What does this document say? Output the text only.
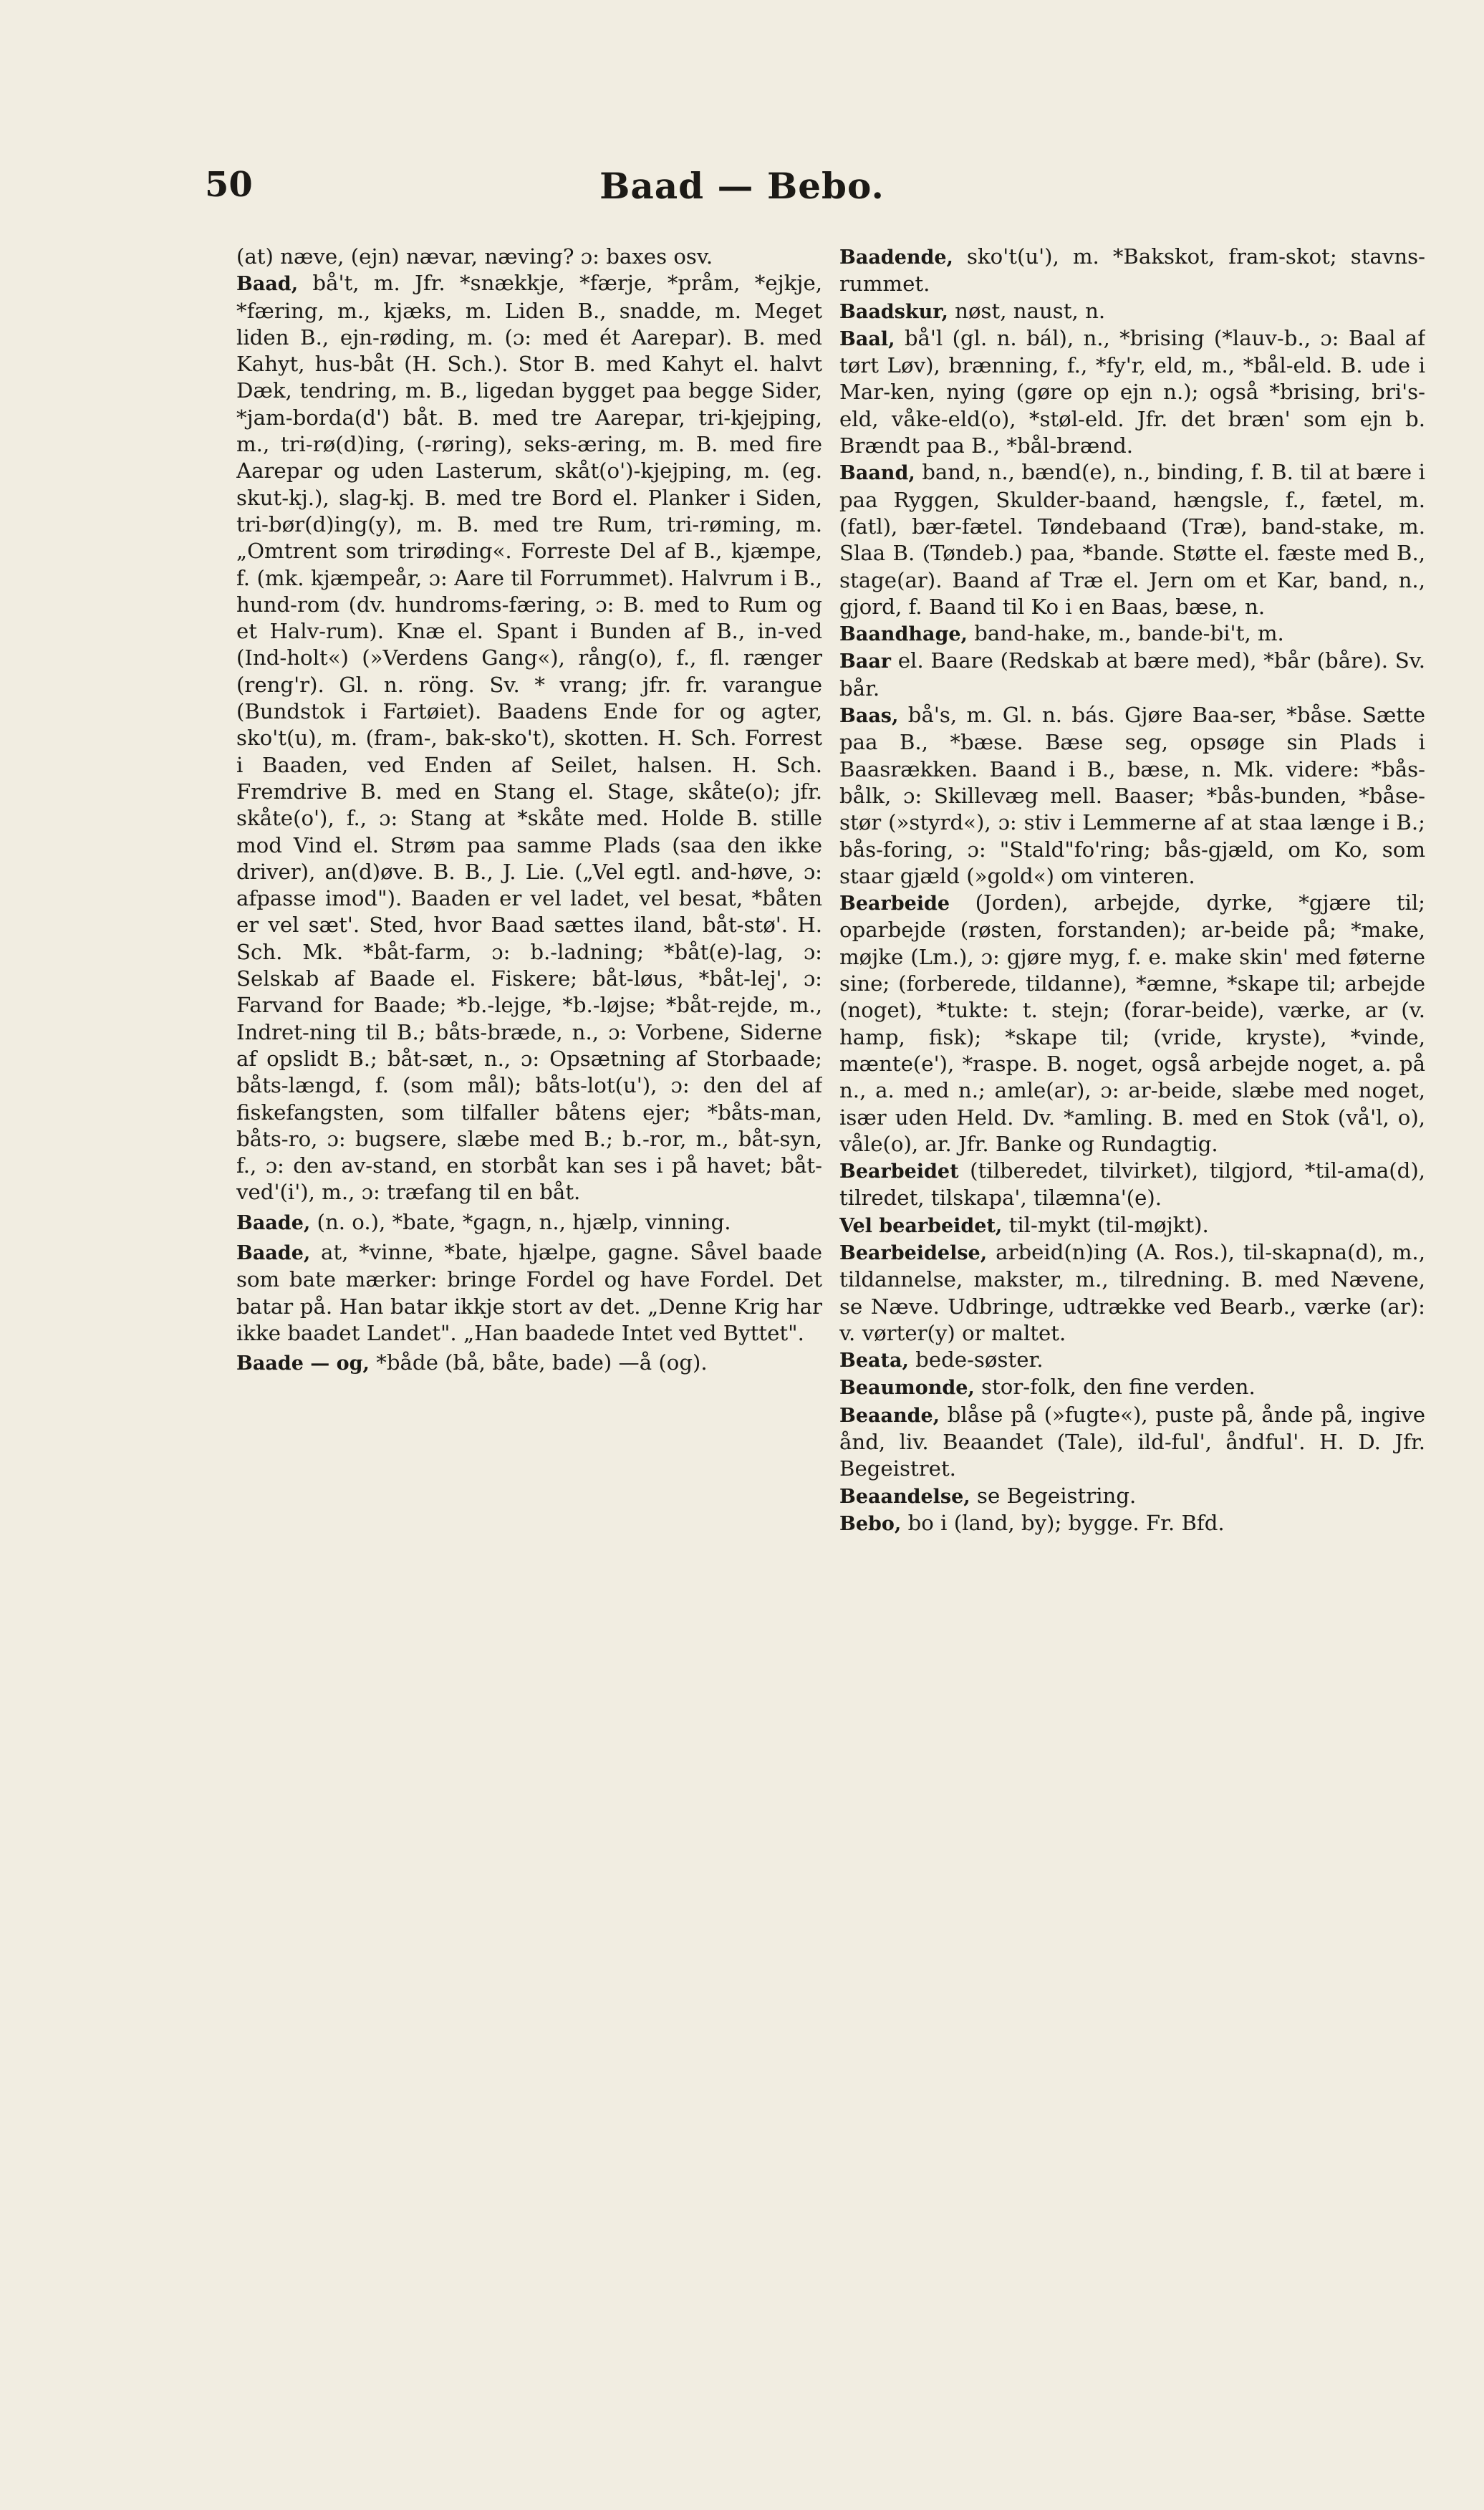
50	Baad — Bebo.

(at) næve, (ejn) nævar, næving? ɔ: baxes osv.

Baad, bå't, m. Jfr. *snækkje, *færje, *pråm, *ejkje, *færing, m., kjæks, m. Liden B., snadde, m. Meget liden B., ejn-røding, m. (ɔ: med ét Aarepar). B. med Kahyt, hus-båt (H. Sch.). Stor B. med Kahyt el. halvt Dæk, tendring, m. B., ligedan bygget paa begge Sider, *jam-borda(d') båt. B. med tre Aarepar, tri-kjejping, m., tri-rø(d)ing, (-røring), seks-æring, m. B. med fire Aarepar og uden Lasterum, skåt(o')-kjejping, m. (eg. skut-kj.), slag-kj. B. med tre Bord el. Planker i Siden, tri-bør(d)ing(y), m. B. med tre Rum, tri-røming, m. „Omtrent som trirøding«. Forreste Del af B., kjæmpe, f. (mk. kjæmpeår, ɔ: Aare til Forrummet). Halvrum i B., hund-rom (dv. hundroms-færing, ɔ: B. med to Rum og et Halv-rum). Knæ el. Spant i Bunden af B., in-ved (Ind-holt«) (»Verdens Gang«), rång(o), f., fl. rænger (reng'r). Gl. n. röng. Sv. * vrang; jfr. fr. varangue (Bundstok i Fartøiet). Baadens Ende for og agter, sko't(u), m. (fram-, bak-sko't), skotten. H. Sch. Forrest i Baaden, ved Enden af Seilet, halsen. H. Sch. Fremdrive B. med en Stang el. Stage, skåte(o); jfr. skåte(o'), f., ɔ: Stang at *skåte med. Holde B. stille mod Vind el. Strøm paa samme Plads (saa den ikke driver), an(d)øve. B. B., J. Lie. („Vel egtl. and-høve, ɔ: afpasse imod"). Baaden er vel ladet, vel besat, *båten er vel sæt'. Sted, hvor Baad sættes iland, båt-stø'. H. Sch. Mk. *båt-farm, ɔ: b.-ladning; *båt(e)-lag, ɔ: Selskab af Baade el. Fiskere; båt-løus, *båt-lej', ɔ: Farvand for Baade; *b.-lejge, *b.-løjse; *båt-rejde, m., Indret-ning til B.; båts-bræde, n., ɔ: Vorbene, Siderne af opslidt B.; båt-sæt, n., ɔ: Opsætning af Storbaade; båts-længd, f. (som mål); båts-lot(u'), ɔ: den del af fiskefangsten, som tilfaller båtens ejer; *båts-man, båts-ro, ɔ: bugsere, slæbe med B.; b.-ror, m., båt-syn, f., ɔ: den av-stand, en storbåt kan ses i på havet; båt-ved'(i'), m., ɔ: træfang til en båt.

Baade, (n. o.), *bate, *gagn, n., hjælp, vinning.

Baade, at, *vinne, *bate, hjælpe, gagne. Såvel baade som bate mærker: bringe Fordel og have Fordel. Det batar på. Han batar ikkje stort av det. „Denne Krig har ikke baadet Landet". „Han baadede Intet ved Byttet".

Baade — og, *både (bå, båte, bade) —å (og).

Baadende, sko't(u'), m. *Bakskot, fram-skot; stavns-rummet.

Baadskur, nøst, naust, n.

Baal, bå'l (gl. n. bál), n., *brising (*lauv-b., ɔ: Baal af tørt Løv), brænning, f., *fy'r, eld, m., *bål-eld. B. ude i Mar-ken, nying (gøre op ejn n.); også *brising, bri's-eld, våke-eld(o), *støl-eld. Jfr. det bræn' som ejn b. Brændt paa B., *bål-brænd.

Baand, band, n., bænd(e), n., binding, f. B. til at bære i paa Ryggen, Skulder-baand, hængsle, f., fætel, m. (fatl), bær-fætel. Tøndebaand (Træ), band-stake, m. Slaa B. (Tøndeb.) paa, *bande. Støtte el. fæste med B., stage(ar). Baand af Træ el. Jern om et Kar, band, n., gjord, f. Baand til Ko i en Baas, bæse, n.

Baandhage, band-hake, m., bande-bi't, m.

Baar el. Baare (Redskab at bære med), *bår (båre). Sv. bår.

Baas, bå's, m. Gl. n. bás. Gjøre Baa-ser, *båse. Sætte paa B., *bæse. Bæse seg, opsøge sin Plads i Baasrækken. Baand i B., bæse, n. Mk. videre: *bås-bålk, ɔ: Skillevæg mell. Baaser; *bås-bunden, *båse-stør (»styrd«), ɔ: stiv i Lemmerne af at staa længe i B.; bås-foring, ɔ: "Stald"fo'ring; bås-gjæld, om Ko, som staar gjæld (»gold«) om vinteren.

Bearbeide (Jorden), arbejde, dyrke, *gjære til; oparbejde (røsten, forstanden); ar-beide på; *make, møjke (Lm.), ɔ: gjøre myg, f. e. make skin' med føterne sine; (forberede, tildanne), *æmne, *skape til; arbejde (noget), *tukte: t. stejn; (forar-beide), værke, ar (v. hamp, fisk); *skape til; (vride, kryste), *vinde, mænte(e'), *raspe. B. noget, også arbejde noget, a. på n., a. med n.; amle(ar), ɔ: ar-beide, slæbe med noget, især uden Held. Dv. *amling. B. med en Stok (vå'l, o), våle(o), ar. Jfr. Banke og Rundagtig.

Bearbeidet (tilberedet, tilvirket), tilgjord, *til-ama(d), tilredet, tilskapa', tilæmna'(e).

Vel bearbeidet, til-mykt (til-møjkt).

Bearbeidelse, arbeid(n)ing (A. Ros.), til-skapna(d), m., tildannelse, makster, m., tilredning. B. med Nævene, se Næve. Udbringe, udtrække ved Bearb., værke (ar): v. vørter(y) or maltet.

Beata, bede-søster.

Beaumonde, stor-folk, den fine verden.

Beaande, blåse på (»fugte«), puste på, ånde på, ingive ånd, liv. Beaandet (Tale), ild-ful', åndful'. H. D. Jfr. Begeistret.

Beaandelse, se Begeistring.

Bebo, bo i (land, by); bygge. Fr. Bfd.
